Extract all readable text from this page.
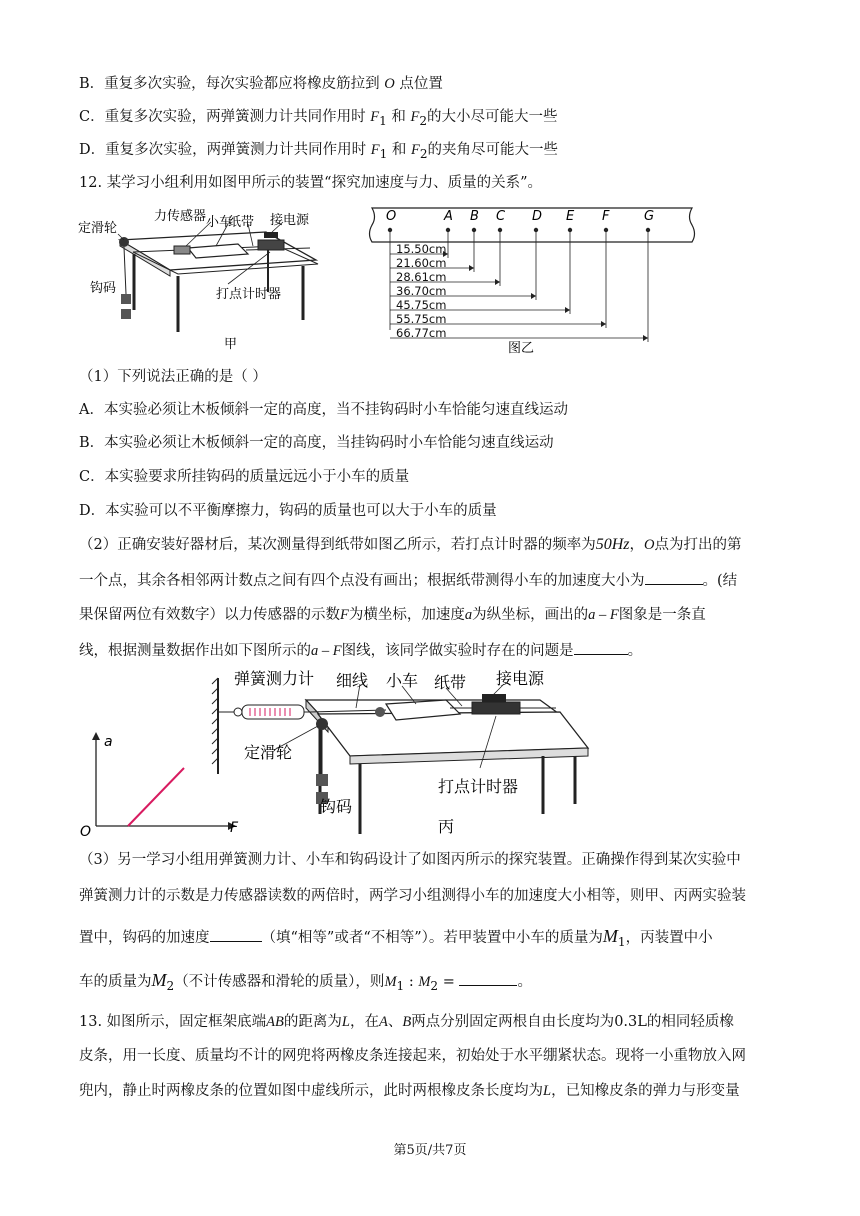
B．重复多次实验，每次实验都应将橡皮筋拉到 O 点位置
C．重复多次实验，两弹簧测力计共同作用时 $F_1$ 和 $F_2$的大小尽可能大一些
D．重复多次实验，两弹簧测力计共同作用时 $F_1$ 和 $F_2$的夹角尽可能大一些
12. 某学习小组利用如图甲所示的装置“探究加速度与力、质量的关系”。
定滑轮
力传感器 小车
纸带 接电源
钩码	打点计时器
甲
O	A B C D E F	G
15.50cm
21.60cm
28.61cm
36.70cm
45.75cm
55.75cm
66.77cm
图乙
（1）下列说法正确的是（ ）
A．本实验必须让木板倾斜一定的高度，当不挂钩码时小车恰能匀速直线运动
B．本实验必须让木板倾斜一定的高度，当挂钩码时小车恰能匀速直线运动
C．本实验要求所挂钩码的质量远远小于小车的质量
D．本实验可以不平衡摩擦力，钩码的质量也可以大于小车的质量
（2）正确安装好器材后，某次测量得到纸带如图乙所示，若打点计时器的频率为50Hz，O点为打出的第
一个点，其余各相邻两计数点之间有四个点没有画出；根据纸带测得小车的加速度大小为	。(结
果保留两位有效数字）以力传感器的示数F为横坐标，加速度a为纵坐标，画出的a – F图象是一条直
线，根据测量数据作出如下图所示的a – F图线，该同学做实验时存在的问题是	。
a
F
O
弹簧测力计 细线 小车 纸带 接电源
定滑轮
打点计时器
钩码
丙
（3）另一学习小组用弹簧测力计、小车和钩码设计了如图丙所示的探究装置。正确操作得到某次实验中
弹簧测力计的示数是力传感器读数的两倍时，两学习小组测得小车的加速度大小相等，则甲、丙两实验装
置中，钩码的加速度	（填“相等”或者“不相等”）。若甲装置中小车的质量为$M_1$，丙装置中小
车的质量为$M_2$（不计传感器和滑轮的质量），则$M_1$ : $M_2$ =	。
13. 如图所示，固定框架底端AB的距离为L，在A、B两点分别固定两根自由长度均为0.3L的相同轻质橡
皮条，用一长度、质量均不计的网兜将两橡皮条连接起来，初始处于水平绷紧状态。现将一小重物放入网
兜内，静止时两橡皮条的位置如图中虚线所示，此时两根橡皮条长度均为L，已知橡皮条的弹力与形变量
第5页/共7页
